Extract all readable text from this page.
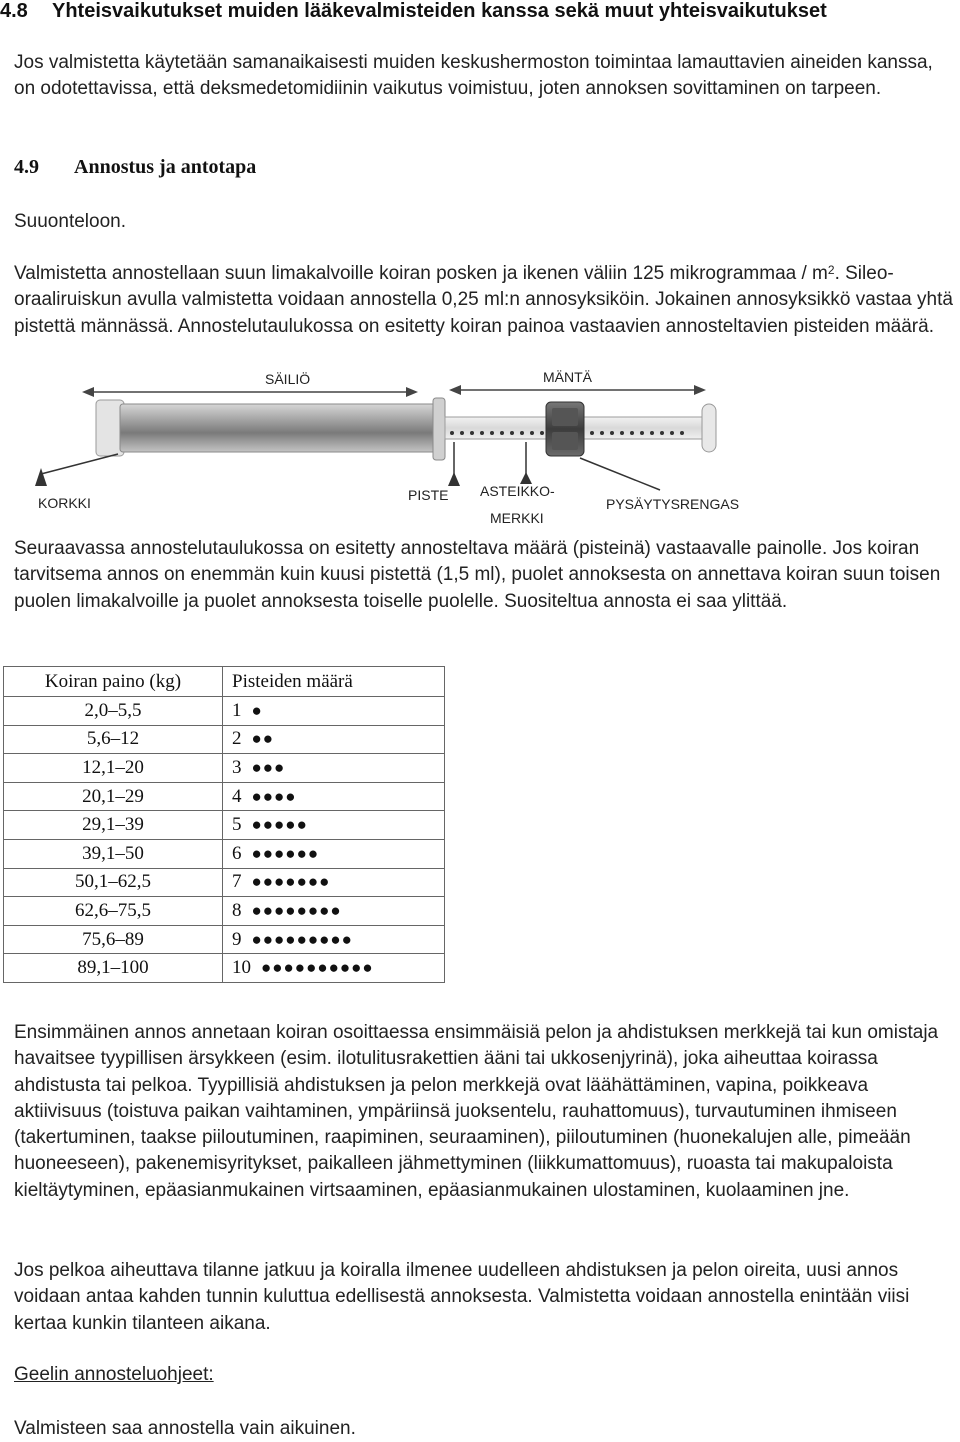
4.8 Yhteisvaikutukset muiden lääkevalmisteiden kanssa sekä muut yhteisvaikutukset
Jos valmistetta käytetään samanaikaisesti muiden keskushermoston toimintaa lamauttavien aineiden kanssa, on odotettavissa, että deksmedetomidiinin vaikutus voimistuu, joten annoksen sovittaminen on tarpeen.
4.9 Annostus ja antotapa
Suuonteloon.
Valmistetta annostellaan suun limakalvoille koiran posken ja ikenen väliin 125 mikrogrammaa / $m^2$. Sileo-oraaliruiskun avulla valmistetta voidaan annostella 0,25 ml:n annosyksiköin. Jokainen annosyksikkö vastaa yhtä pistettä männässä. Annostelutaulukossa on esitetty koiran painoa vastaavien annosteltavien pisteiden määrä.
SÄILIÖ	MÄNTÄ
KORKKI	PISTE ASTEIKKO-
MERKKI
PYSÄYTYSRENGAS
Seuraavassa annostelutaulukossa on esitetty annosteltava määrä (pisteinä) vastaavalle painolle. Jos koiran tarvitsema annos on enemmän kuin kuusi pistettä (1,5 ml), puolet annoksesta on annettava koiran suun toisen puolen limakalvoille ja puolet annoksesta toiselle puolelle. Suositeltua annosta ei saa ylittää.
Koiran paino (kg)	Pisteiden määrä
2,0–5,5	1 ●
5,6–12	2 ●●
12,1–20	3 ●●●
20,1–29	4 ●●●●
29,1–39	5 ●●●●●
39,1–50	6 ●●●●●●
50,1–62,5	7 ●●●●●●●
62,6–75,5	8 ●●●●●●●●
75,6–89	9 ●●●●●●●●●
89,1–100	10 ●●●●●●●●●●
Ensimmäinen annos annetaan koiran osoittaessa ensimmäisiä pelon ja ahdistuksen merkkejä tai kun omistaja havaitsee tyypillisen ärsykkeen (esim. ilotulitusrakettien ääni tai ukkosenjyrinä), joka aiheuttaa koirassa ahdistusta tai pelkoa. Tyypillisiä ahdistuksen ja pelon merkkejä ovat läähättäminen, vapina, poikkeava aktiivisuus (toistuva paikan vaihtaminen, ympäriinsä juoksentelu, rauhattomuus), turvautuminen ihmiseen (takertuminen, taakse piiloutuminen, raapiminen, seuraaminen), piiloutuminen (huonekalujen alle, pimeään huoneeseen), pakenemisyritykset, paikalleen jähmettyminen (liikkumattomuus), ruoasta tai makupaloista kieltäytyminen, epäasianmukainen virtsaaminen, epäasianmukainen ulostaminen, kuolaaminen jne.
Jos pelkoa aiheuttava tilanne jatkuu ja koiralla ilmenee uudelleen ahdistuksen ja pelon oireita, uusi annos voidaan antaa kahden tunnin kuluttua edellisestä annoksesta. Valmistetta voidaan annostella enintään viisi kertaa kunkin tilanteen aikana.
Geelin annosteluohjeet:
Valmisteen saa annostella vain aikuinen.
